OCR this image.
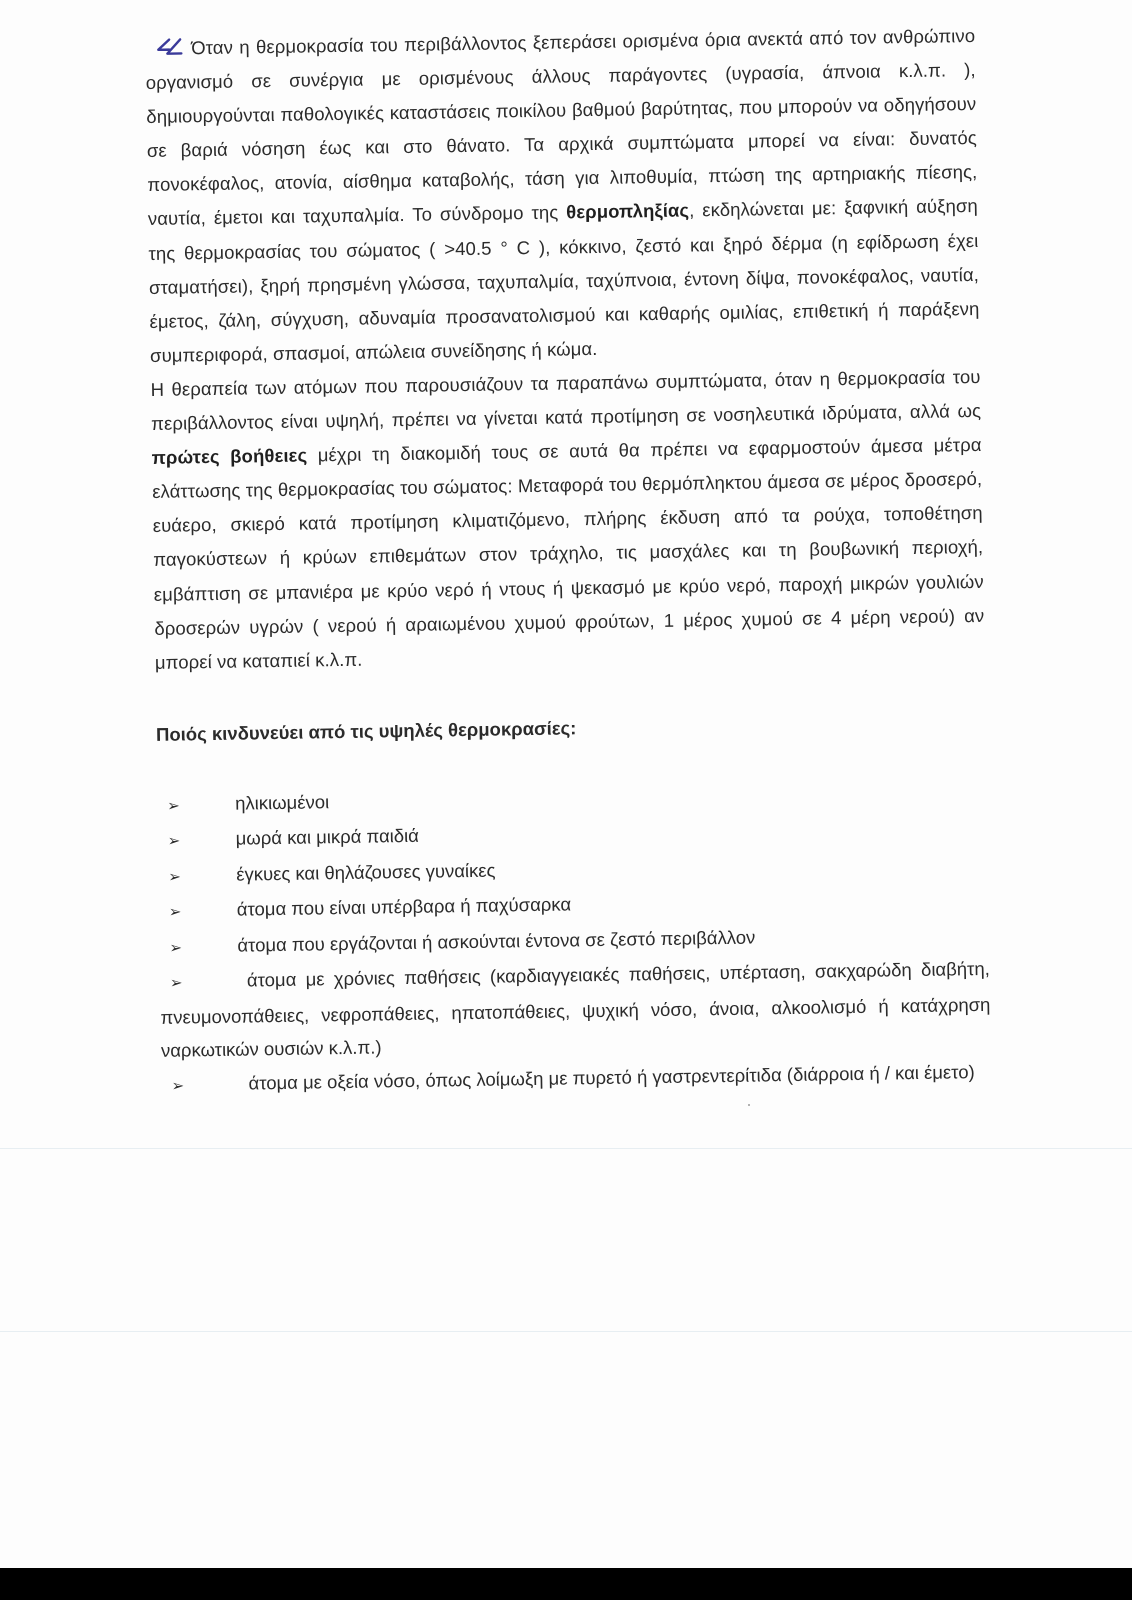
Όταν η θερμοκρασία του περιβάλλοντος ξεπεράσει ορισμένα όρια ανεκτά από τον ανθρώπινο οργανισμό σε συνέργια με ορισμένους άλλους παράγοντες (υγρασία, άπνοια κ.λ.π. ), δημιουργούνται παθολογικές καταστάσεις ποικίλου βαθμού βαρύτητας, που μπορούν να οδηγήσουν σε βαριά νόσηση έως και στο θάνατο. Τα αρχικά συμπτώματα μπορεί να είναι: δυνατός πονοκέφαλος, ατονία, αίσθημα καταβολής, τάση για λιποθυμία, πτώση της αρτηριακής πίεσης, ναυτία, έμετοι και ταχυπαλμία. Το σύνδρομο της θερμοπληξίας, εκδηλώνεται με: ξαφνική αύξηση της θερμοκρασίας του σώματος ( >40.5 ° C ), κόκκινο, ζεστό και ξηρό δέρμα (η εφίδρωση έχει σταματήσει), ξηρή πρησμένη γλώσσα, ταχυπαλμία, ταχύπνοια, έντονη δίψα, πονοκέφαλος, ναυτία, έμετος, ζάλη, σύγχυση, αδυναμία προσανατολισμού και καθαρής ομιλίας, επιθετική ή παράξενη συμπεριφορά, σπασμοί, απώλεια συνείδησης ή κώμα.

Η θεραπεία των ατόμων που παρουσιάζουν τα παραπάνω συμπτώματα, όταν η θερμοκρασία του περιβάλλοντος είναι υψηλή, πρέπει να γίνεται κατά προτίμηση σε νοσηλευτικά ιδρύματα, αλλά ως πρώτες βοήθειες μέχρι τη διακομιδή τους σε αυτά θα πρέπει να εφαρμοστούν άμεσα μέτρα ελάττωσης της θερμοκρασίας του σώματος: Μεταφορά του θερμόπληκτου άμεσα σε μέρος δροσερό, ευάερο, σκιερό κατά προτίμηση κλιματιζόμενο, πλήρης έκδυση από τα ρούχα, τοποθέτηση παγοκύστεων ή κρύων επιθεμάτων στον τράχηλο, τις μασχάλες και τη βουβωνική περιοχή, εμβάπτιση σε μπανιέρα με κρύο νερό ή ντους ή ψεκασμό με κρύο νερό, παροχή μικρών γουλιών δροσερών υγρών ( νερού ή αραιωμένου χυμού φρούτων, 1 μέρος χυμού σε 4 μέρη νερού) αν μπορεί να καταπιεί κ.λ.π.

Ποιός κινδυνεύει από τις υψηλές θερμοκρασίες:
➢	ηλικιωμένοι
➢	μωρά και μικρά παιδιά
➢	έγκυες και θηλάζουσες γυναίκες
➢	άτομα που είναι υπέρβαρα ή παχύσαρκα
➢	άτομα που εργάζονται ή ασκούνται έντονα σε ζεστό περιβάλλον
➢	άτομα με χρόνιες παθήσεις (καρδιαγγειακές παθήσεις, υπέρταση, σακχαρώδη διαβήτη, πνευμονοπάθειες, νεφροπάθειες, ηπατοπάθειες, ψυχική νόσο, άνοια, αλκοολισμό ή κατάχρηση ναρκωτικών ουσιών κ.λ.π.)
➢	άτομα με οξεία νόσο, όπως λοίμωξη με πυρετό ή γαστρεντερίτιδα (διάρροια ή / και έμετο)
